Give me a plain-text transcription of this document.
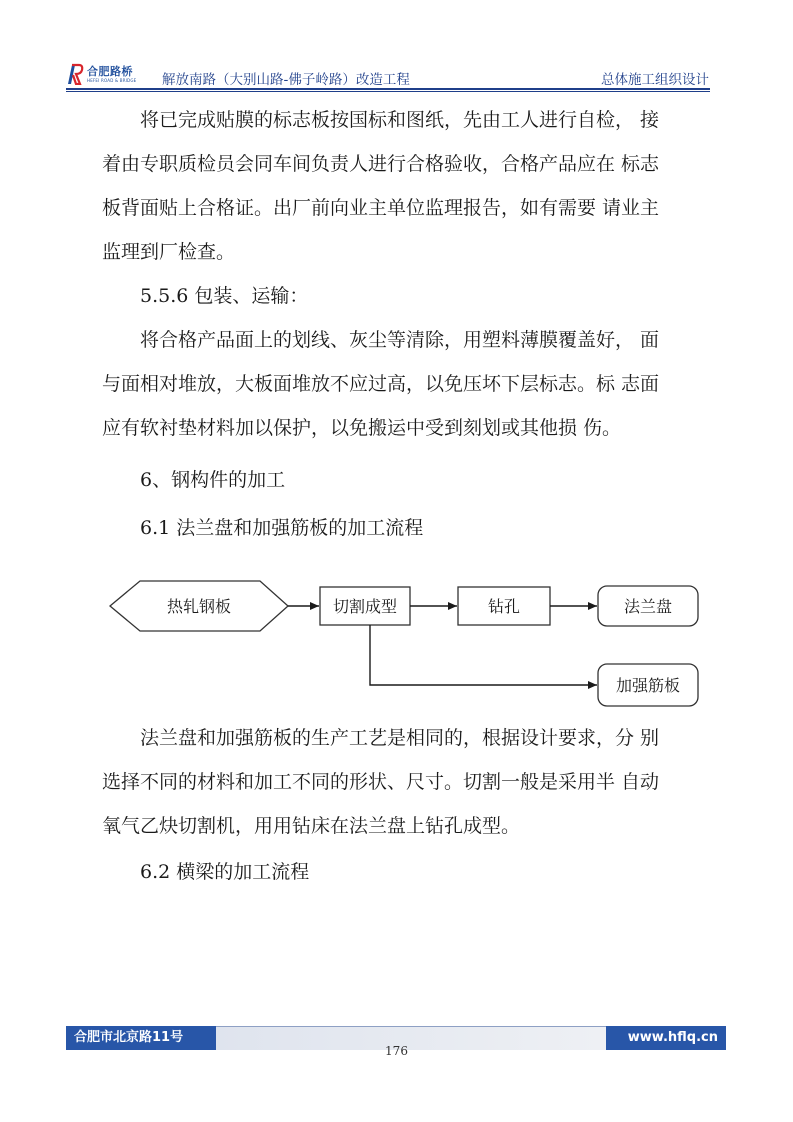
合肥路桥
HEFEI ROAD & BRIDGE 解放南路（大别山路-佛子岭路）改造工程	总体施工组织设计
将已完成贴膜的标志板按国标和图纸，先由工人进行自检， 接
着由专职质检员会同车间负责人进行合格验收，合格产品应在 标志
板背面贴上合格证。出厂前向业主单位监理报告，如有需要 请业主
监理到厂检查。
5.5.6 包装、运输：
将合格产品面上的划线、灰尘等清除，用塑料薄膜覆盖好， 面
与面相对堆放，大板面堆放不应过高，以免压坏下层标志。标 志面
应有软衬垫材料加以保护，以免搬运中受到刻划或其他损 伤。
6、钢构件的加工
6.1 法兰盘和加强筋板的加工流程
热轧钢板	切割成型	钻孔	法兰盘
加强筋板
法兰盘和加强筋板的生产工艺是相同的，根据设计要求，分 别
选择不同的材料和加工不同的形状、尺寸。切割一般是采用半 自动
氧气乙炔切割机，用用钻床在法兰盘上钻孔成型。
6.2 横梁的加工流程
合肥市北京路11号	www.hflq.cn
176
